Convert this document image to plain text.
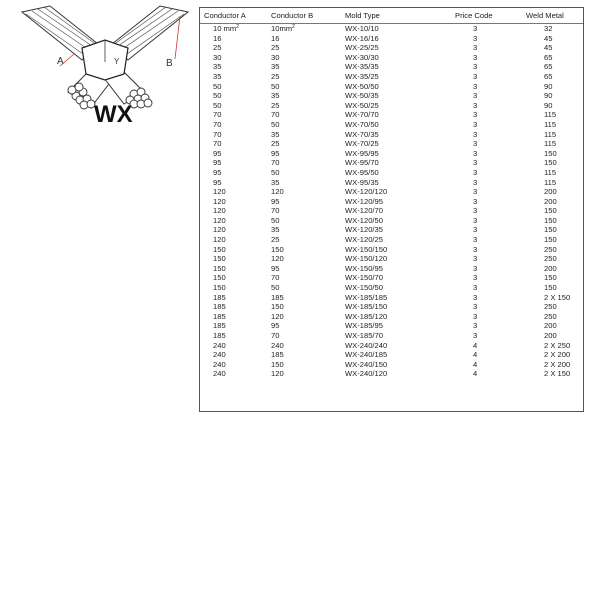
A	B
Y
WX
Conductor A	Conductor B	Mold Type	Price Code	Weld Metal
10 $mm^2$	$10mm^2$	WX-10/10	3	32
16	16	WX-16/16	3	45
25	25	WX-25/25	3	45
30	30	WX-30/30	3	65
35	35	WX-35/35	3	65
35	25	WX-35/25	3	65
50	50	WX-50/50	3	90
50	35	WX-50/35	3	90
50	25	WX-50/25	3	90
70	70	WX-70/70	3	115
70	50	WX-70/50	3	115
70	35	WX-70/35	3	115
70	25	WX-70/25	3	115
95	95	WX-95/95	3	150
95	70	WX-95/70	3	150
95	50	WX-95/50	3	115
95	35	WX-95/35	3	115
120	120	WX-120/120	3	200
120	95	WX-120/95	3	200
120	70	WX-120/70	3	150
120	50	WX-120/50	3	150
120	35	WX-120/35	3	150
120	25	WX-120/25	3	150
150	150	WX-150/150	3	250
150	120	WX-150/120	3	250
150	95	WX-150/95	3	200
150	70	WX-150/70	3	150
150	50	WX-150/50	3	150
185	185	WX-185/185	3	2 X 150
185	150	WX-185/150	3	250
185	120	WX-185/120	3	250
185	95	WX-185/95	3	200
185	70	WX-185/70	3	200
240	240	WX-240/240	4	2 X 250
240	185	WX-240/185	4	2 X 200
240	150	WX-240/150	4	2 X 200
240	120	WX-240/120	4	2 X 150
